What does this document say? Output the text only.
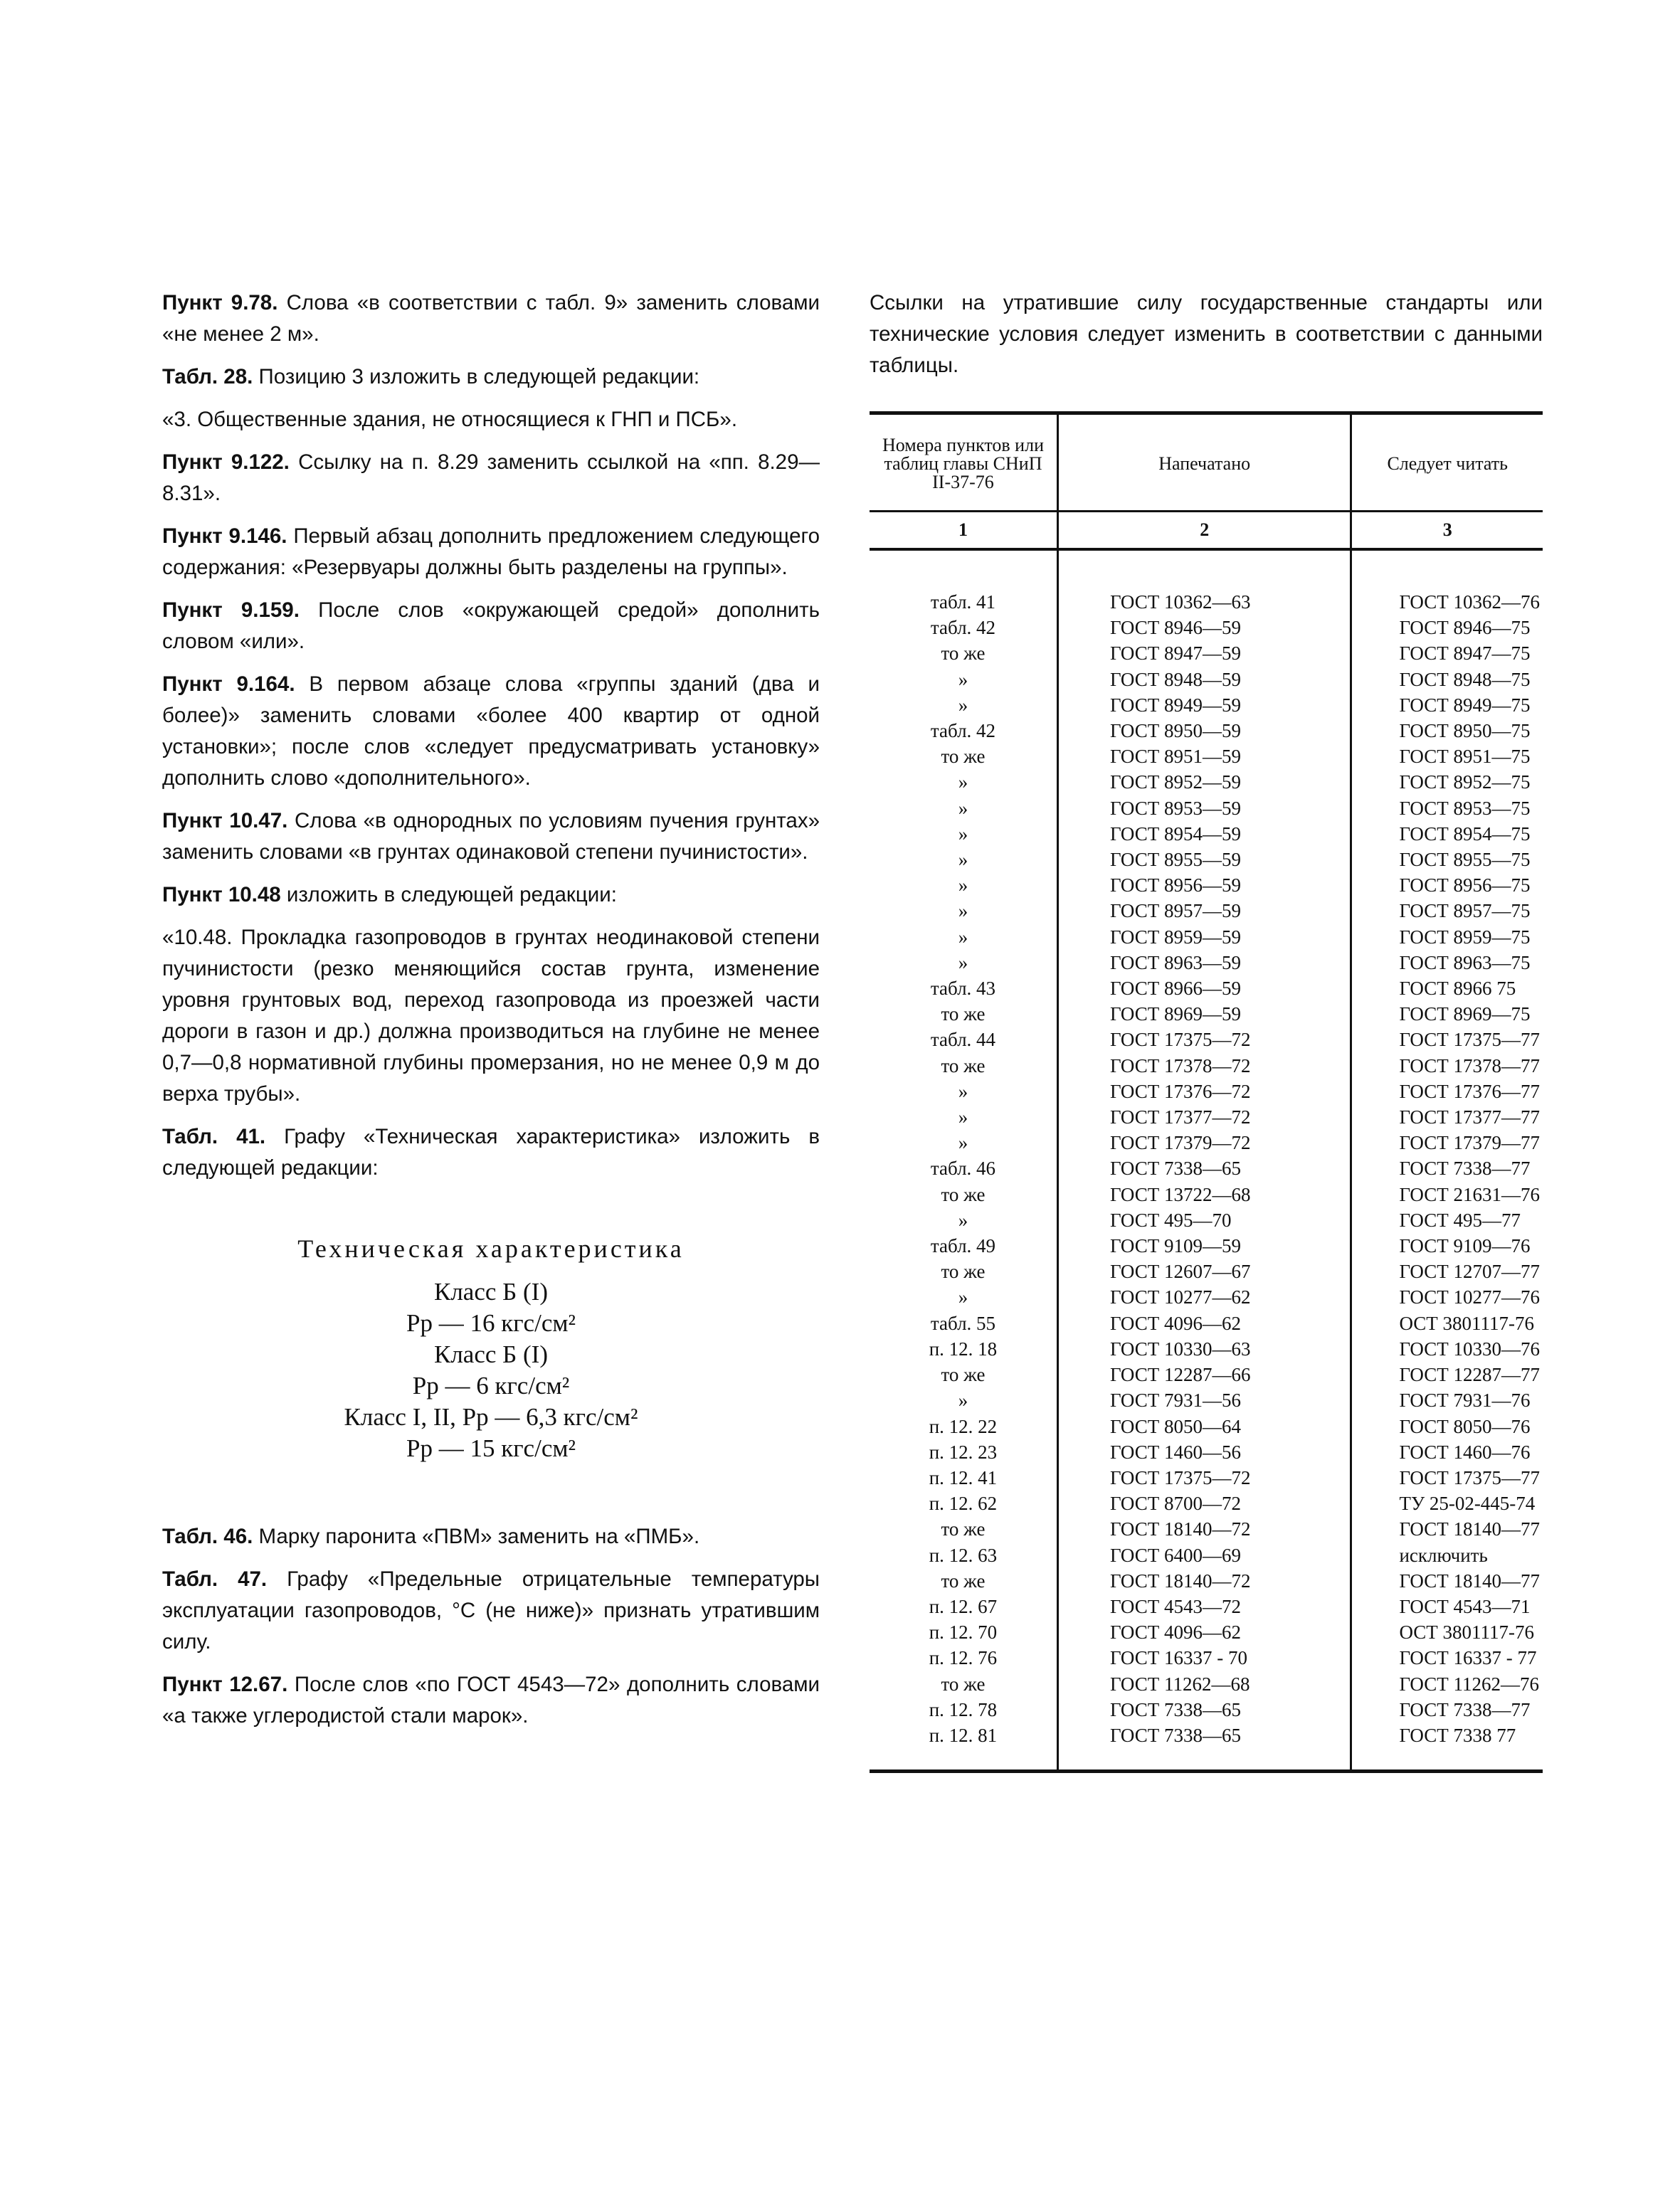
Пункт 9.78. Слова «в соответствии с табл. 9» заменить словами «не менее 2 м».

Табл. 28. Позицию 3 изложить в следующей редакции:

«3. Общественные здания, не относящиеся к ГНП и ПСБ».

Пункт 9.122. Ссылку на п. 8.29 заменить ссылкой на «пп. 8.29—8.31».

Пункт 9.146. Первый абзац дополнить предложением следующего содержания: «Резервуары должны быть разделены на группы».

Пункт 9.159. После слов «окружающей средой» дополнить словом «или».

Пункт 9.164. В первом абзаце слова «группы зданий (два и более)» заменить словами «более 400 квартир от одной установки»; после слов «следует предусматривать установку» дополнить слово «дополнительного».

Пункт 10.47. Слова «в однородных по условиям пучения грунтах» заменить словами «в грунтах одинаковой степени пучинистости».

Пункт 10.48 изложить в следующей редакции:

«10.48. Прокладка газопроводов в грунтах неодинаковой степени пучинистости (резко меняющийся состав грунта, изменение уровня грунтовых вод, переход газопровода из проезжей части дороги в газон и др.) должна производиться на глубине не менее 0,7—0,8 нормативной глубины промерзания, но не менее 0,9 м до верха трубы».

Табл. 41. Графу «Техническая характеристика» изложить в следующей редакции:

Техническая характеристика
Класс Б (I)
Pр — 16 кгс/см²
Класс Б (I)
Pр — 6 кгс/см²
Класс I, II, Pр — 6,3 кгс/см²
Pр — 15 кгс/см²

Табл. 46. Марку паронита «ПВМ» заменить на «ПМБ».

Табл. 47. Графу «Предельные отрицательные температуры эксплуатации газопроводов, °С (не ниже)» признать утратившим силу.

Пункт 12.67. После слов «по ГОСТ 4543—72» дополнить словами «а также углеродистой стали марок».

Ссылки на утратившие силу государственные стандарты или технические условия следует изменить в соответствии с данными таблицы.

Номера пунктов или таблиц главы СНиП II-37-76	Напечатано	Следует читать
1	2	3

табл. 41	ГОСТ 10362—63	ГОСТ 10362—76
табл. 42	ГОСТ 8946—59	ГОСТ 8946—75
то же	ГОСТ 8947—59	ГОСТ 8947—75
»	ГОСТ 8948—59	ГОСТ 8948—75
»	ГОСТ 8949—59	ГОСТ 8949—75
табл. 42	ГОСТ 8950—59	ГОСТ 8950—75
то же	ГОСТ 8951—59	ГОСТ 8951—75
»	ГОСТ 8952—59	ГОСТ 8952—75
»	ГОСТ 8953—59	ГОСТ 8953—75
»	ГОСТ 8954—59	ГОСТ 8954—75
»	ГОСТ 8955—59	ГОСТ 8955—75
»	ГОСТ 8956—59	ГОСТ 8956—75
»	ГОСТ 8957—59	ГОСТ 8957—75
»	ГОСТ 8959—59	ГОСТ 8959—75
»	ГОСТ 8963—59	ГОСТ 8963—75
табл. 43	ГОСТ 8966—59	ГОСТ 8966 75
то же	ГОСТ 8969—59	ГОСТ 8969—75
табл. 44	ГОСТ 17375—72	ГОСТ 17375—77
то же	ГОСТ 17378—72	ГОСТ 17378—77
»	ГОСТ 17376—72	ГОСТ 17376—77
»	ГОСТ 17377—72	ГОСТ 17377—77
»	ГОСТ 17379—72	ГОСТ 17379—77
табл. 46	ГОСТ 7338—65	ГОСТ 7338—77
то же	ГОСТ 13722—68	ГОСТ 21631—76
»	ГОСТ 495—70	ГОСТ 495—77
табл. 49	ГОСТ 9109—59	ГОСТ 9109—76
то же	ГОСТ 12607—67	ГОСТ 12707—77
»	ГОСТ 10277—62	ГОСТ 10277—76
табл. 55	ГОСТ 4096—62	ОСТ 3801117-76
п. 12. 18	ГОСТ 10330—63	ГОСТ 10330—76
то же	ГОСТ 12287—66	ГОСТ 12287—77
»	ГОСТ 7931—56	ГОСТ 7931—76
п. 12. 22	ГОСТ 8050—64	ГОСТ 8050—76
п. 12. 23	ГОСТ 1460—56	ГОСТ 1460—76
п. 12. 41	ГОСТ 17375—72	ГОСТ 17375—77
п. 12. 62	ГОСТ 8700—72	ТУ 25-02-445-74
то же	ГОСТ 18140—72	ГОСТ 18140—77
п. 12. 63	ГОСТ 6400—69	исключить
то же	ГОСТ 18140—72	ГОСТ 18140—77
п. 12. 67	ГОСТ 4543—72	ГОСТ 4543—71
п. 12. 70	ГОСТ 4096—62	ОСТ 3801117-76
п. 12. 76	ГОСТ 16337 - 70	ГОСТ 16337 - 77
то же	ГОСТ 11262—68	ГОСТ 11262—76
п. 12. 78	ГОСТ 7338—65	ГОСТ 7338—77
п. 12. 81	ГОСТ 7338—65	ГОСТ 7338 77
